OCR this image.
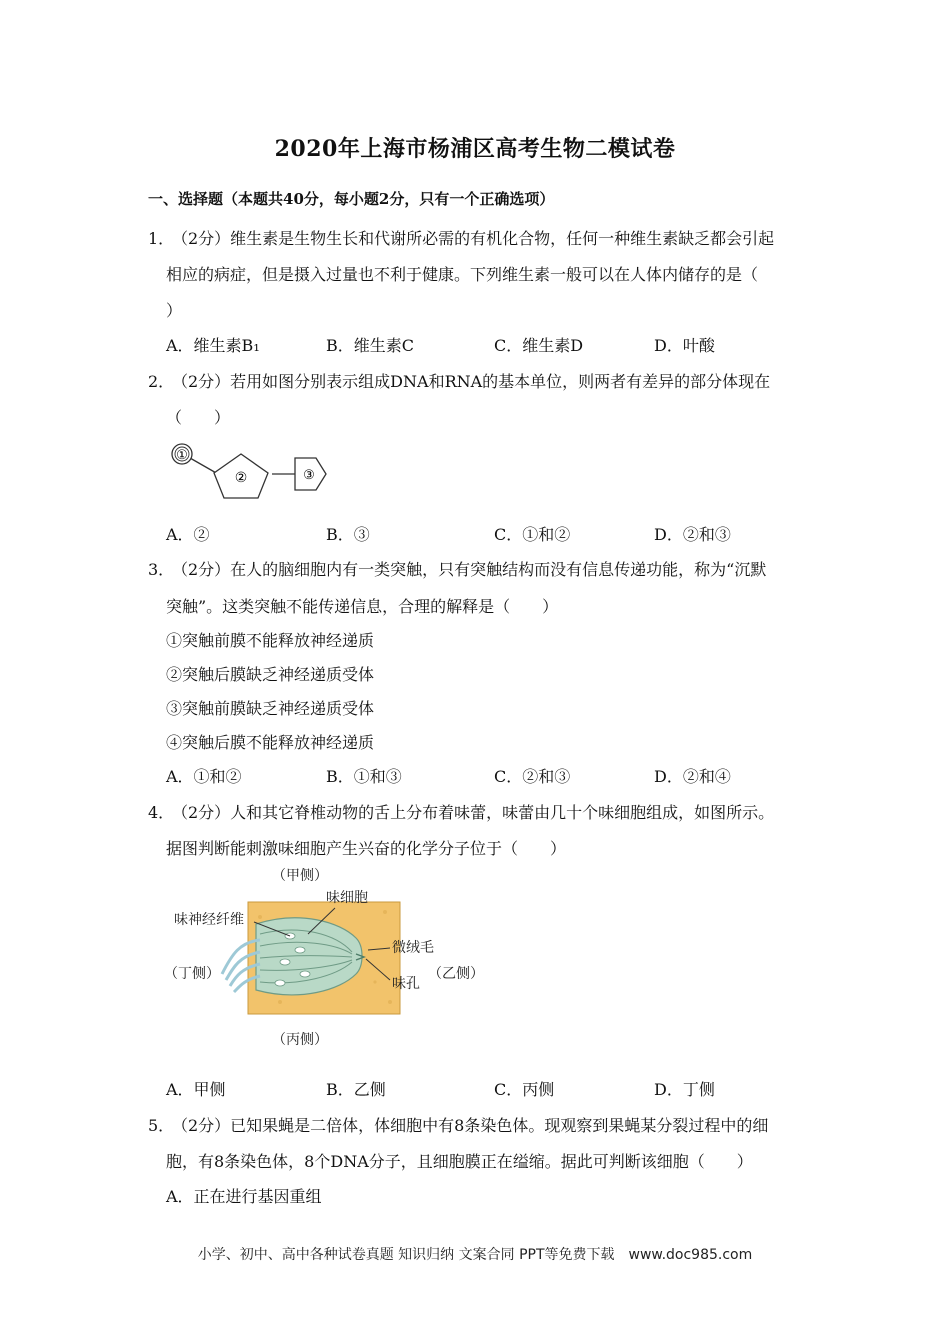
2020年上海市杨浦区高考生物二模试卷
一、选择题（本题共40分，每小题2分，只有一个正确选项）
1．
（2分）维生素是生物生长和代谢所必需的有机化合物，任何一种维生素缺乏都会引起
相应的病症，但是摄入过量也不利于健康。下列维生素一般可以在人体内储存的是（
）
A．维生素B₁	B．维生素C	C．维生素D	D．叶酸
2．
（2分）若用如图分别表示组成DNA和RNA的基本单位，则两者有差异的部分体现在
（　　）
①
②	③
A．②	B．③	C．①和②	D．②和③
3．
（2分）在人的脑细胞内有一类突触，只有突触结构而没有信息传递功能，称为“沉默
突触”。这类突触不能传递信息，合理的解释是（　　）
①突触前膜不能释放神经递质
②突触后膜缺乏神经递质受体
③突触前膜缺乏神经递质受体
④突触后膜不能释放神经递质
A．①和②	B．①和③	C．②和③	D．②和④
4．
（2分）人和其它脊椎动物的舌上分布着味蕾，味蕾由几十个味细胞组成，如图所示。
据图判断能刺激味细胞产生兴奋的化学分子位于（　　）
（甲侧）
（丙侧）
（丁侧）	（乙侧）
味神经纤维
味细胞
微绒毛
味孔
A．甲侧	B．乙侧	C．丙侧	D．丁侧
5．
（2分）已知果蝇是二倍体，体细胞中有8条染色体。现观察到果蝇某分裂过程中的细
胞，有8条染色体，8个DNA分子，且细胞膜正在缢缩。据此可判断该细胞（　　）
A．正在进行基因重组
小学、初中、高中各种试卷真题 知识归纳 文案合同 PPT等免费下载　www.doc985.com
